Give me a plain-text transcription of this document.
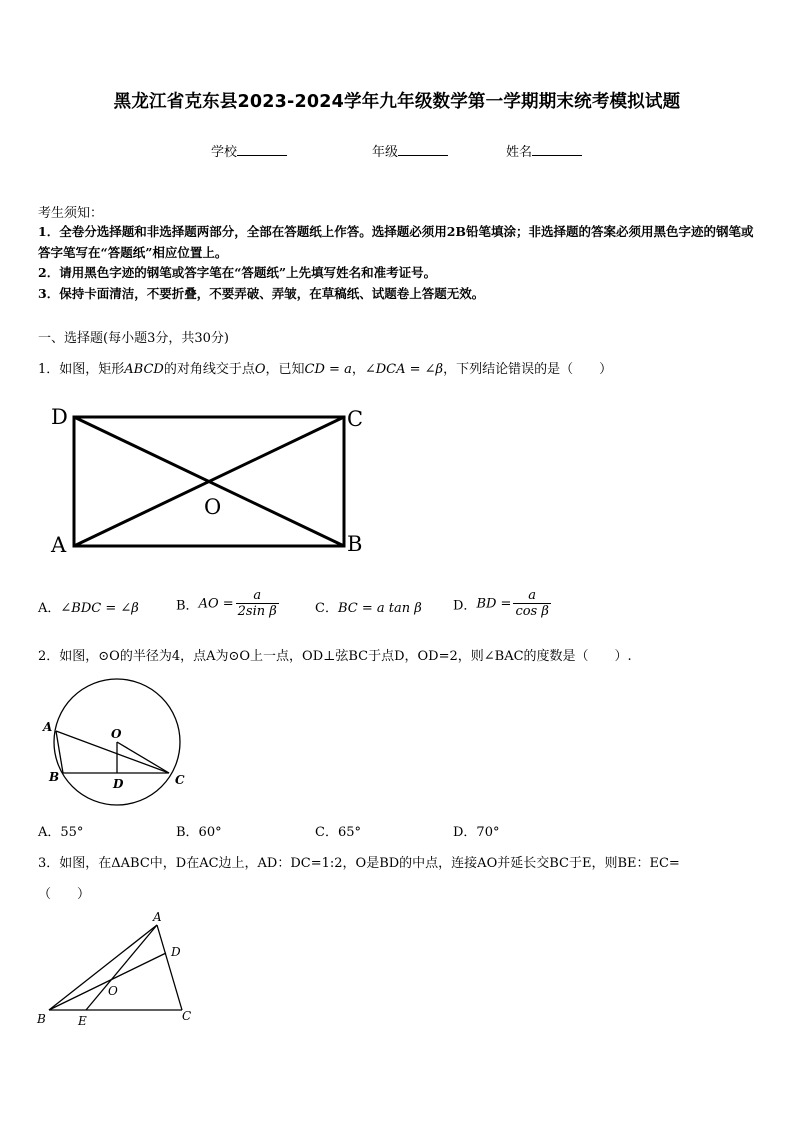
黑龙江省克东县2023-2024学年九年级数学第一学期期末统考模拟试题
学校	年级	姓名
考生须知：
1．全卷分选择题和非选择题两部分，全部在答题纸上作答。选择题必须用2B铅笔填涂；非选择题的答案必须用黑色字迹的钢笔或答字笔写在“答题纸”相应位置上。
2．请用黑色字迹的钢笔或答字笔在“答题纸”上先填写姓名和准考证号。
3．保持卡面清洁，不要折叠，不要弄破、弄皱，在草稿纸、试题卷上答题无效。
一、选择题(每小题3分，共30分)
1．如图，矩形ABCD的对角线交于点O，已知CD = a，∠DCA = ∠β，下列结论错误的是（　　）
D	C
O
A	B
A．∠BDC = ∠β	B．AO = $\frac{a}{\text{2sin β}}$	C．BC = a tan β D．BD = $\frac{a}{\text{cos β}}$
2．如图，⊙O的半径为4，点A为⊙O上一点，OD⊥弦BC于点D，OD=2，则∠BAC的度数是（　　）.
A	O
B	D	C
A．55°	B．60°	C．65°	D．70°
3．如图，在ΔABC中，D在AC边上，AD：DC=1:2，O是BD的中点，连接AO并延长交BC于E，则BE：EC=
（　　）
A
D
O
B	E	C
